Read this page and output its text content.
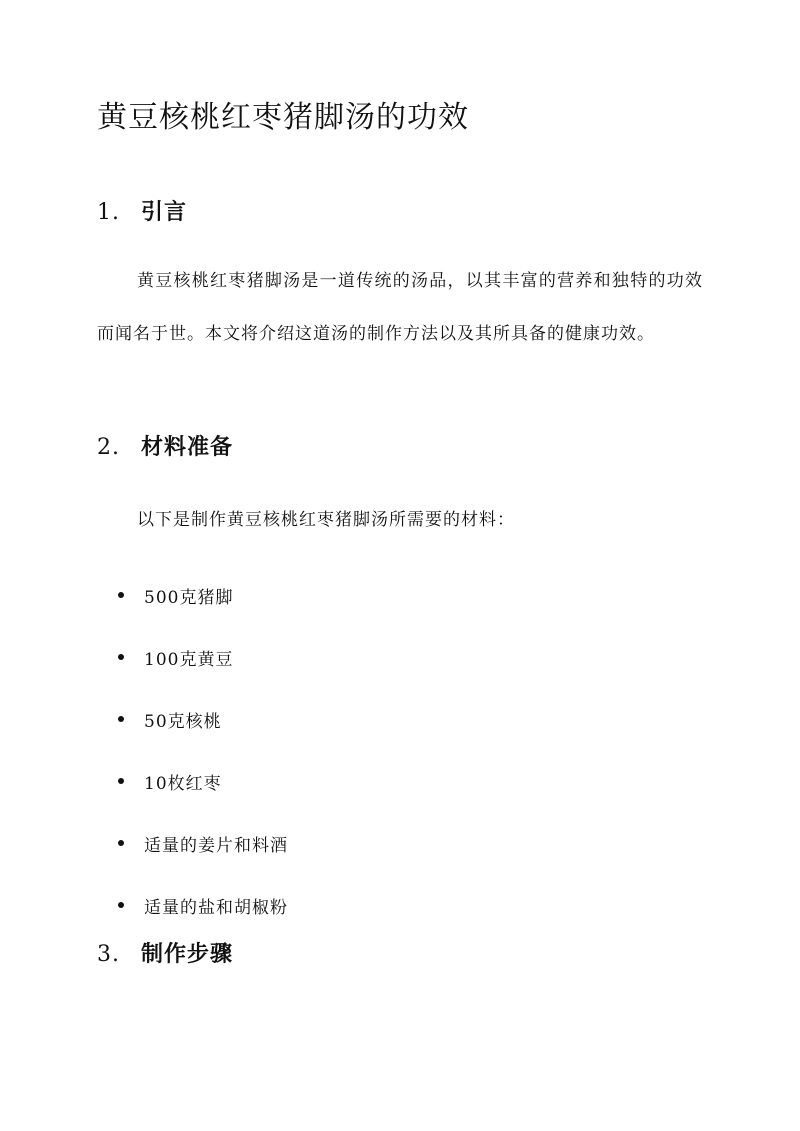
黄豆核桃红枣猪脚汤的功效
1. 引言

黄豆核桃红枣猪脚汤是一道传统的汤品，以其丰富的营养和独特的功效而闻名于世。本文将介绍这道汤的制作方法以及其所具备的健康功效。

2. 材料准备

以下是制作黄豆核桃红枣猪脚汤所需要的材料：

500克猪脚
100克黄豆
50克核桃
10枚红枣
适量的姜片和料酒
适量的盐和胡椒粉
3. 制作步骤
